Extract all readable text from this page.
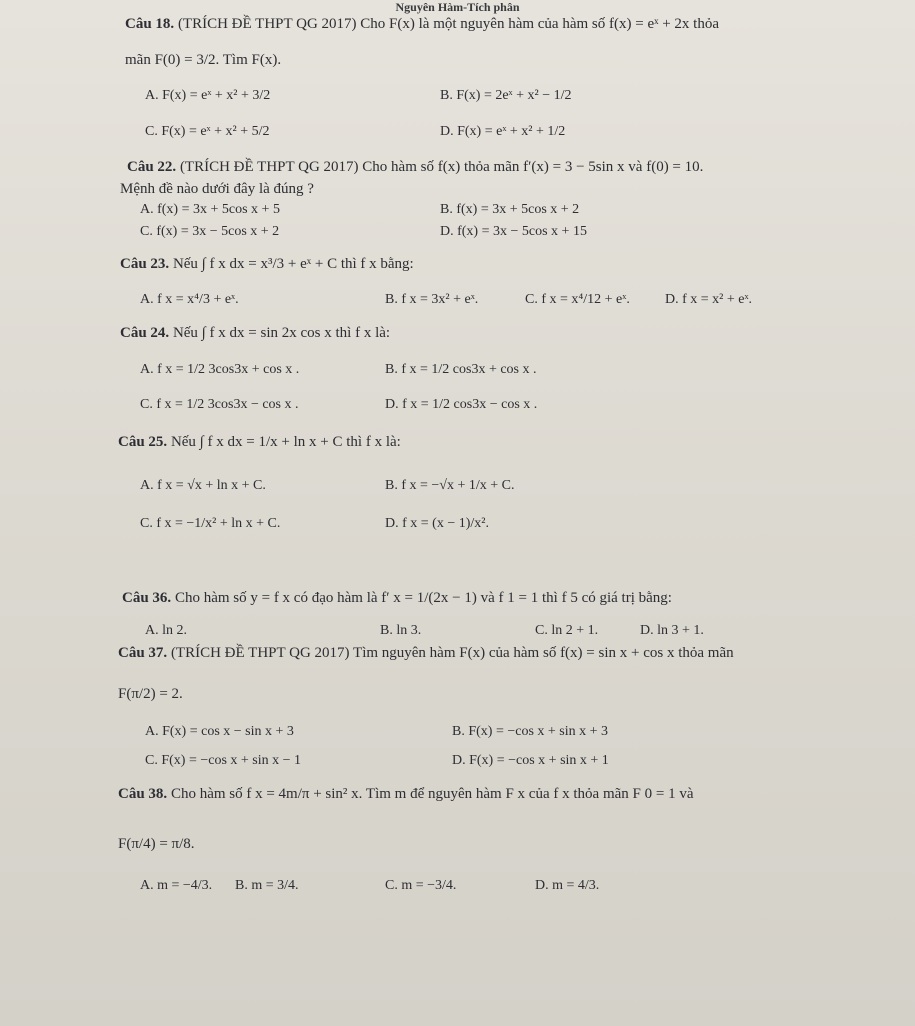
Nguyên Hàm-Tích phân
Câu 18. (TRÍCH ĐỀ THPT QG 2017) Cho F(x) là một nguyên hàm của hàm số f(x) = eˣ + 2x thỏa
mãn F(0) = 3/2. Tìm F(x).
A. F(x) = eˣ + x² + 3/2	B. F(x) = 2eˣ + x² − 1/2
C. F(x) = eˣ + x² + 5/2	D. F(x) = eˣ + x² + 1/2
Câu 22. (TRÍCH ĐỀ THPT QG 2017) Cho hàm số f(x) thỏa mãn f′(x) = 3 − 5sin x và f(0) = 10.
Mệnh đề nào dưới đây là đúng ?
A. f(x) = 3x + 5cos x + 5	B. f(x) = 3x + 5cos x + 2
C. f(x) = 3x − 5cos x + 2	D. f(x) = 3x − 5cos x + 15
Câu 23. Nếu ∫ f x dx = x³/3 + eˣ + C thì f x bằng:
A. f x = x⁴/3 + eˣ.	B. f x = 3x² + eˣ.	C. f x = x⁴/12 + eˣ.	D. f x = x² + eˣ.
Câu 24. Nếu ∫ f x dx = sin 2x cos x thì f x là:
A. f x = 1/2 3cos3x + cos x .	B. f x = 1/2 cos3x + cos x .
C. f x = 1/2 3cos3x − cos x .	D. f x = 1/2 cos3x − cos x .
Câu 25. Nếu ∫ f x dx = 1/x + ln x + C thì f x là:
A. f x = √x + ln x + C.	B. f x = −√x + 1/x + C.
C. f x = −1/x² + ln x + C.	D. f x = (x − 1)/x².
Câu 36. Cho hàm số y = f x có đạo hàm là f′ x = 1/(2x − 1) và f 1 = 1 thì f 5 có giá trị bằng:
A. ln 2.	B. ln 3.	C. ln 2 + 1.	D. ln 3 + 1.
Câu 37. (TRÍCH ĐỀ THPT QG 2017) Tìm nguyên hàm F(x) của hàm số f(x) = sin x + cos x thỏa mãn
F(π/2) = 2.
A. F(x) = cos x − sin x + 3	B. F(x) = −cos x + sin x + 3
C. F(x) = −cos x + sin x − 1	D. F(x) = −cos x + sin x + 1
Câu 38. Cho hàm số f x = 4m/π + sin² x. Tìm m để nguyên hàm F x của f x thỏa mãn F 0 = 1 và
F(π/4) = π/8.
A. m = −4/3. B. m = 3/4.	C. m = −3/4.	D. m = 4/3.
